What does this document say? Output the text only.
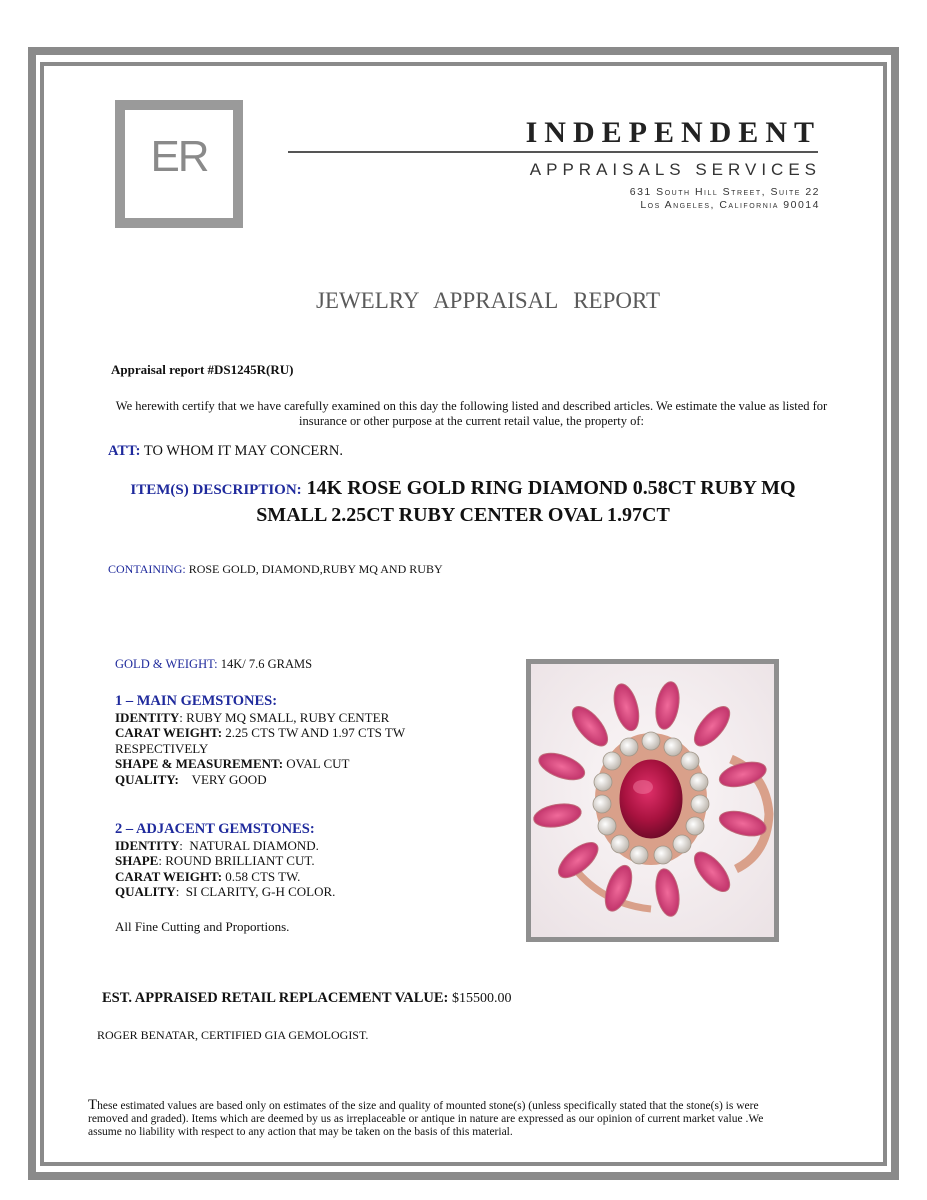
ER
Appraisal
INDEPENDENT
APPRAISALS SERVICES
631 South Hill Street, Suite 22
Los Angeles, California 90014
JEWELRY APPRAISAL REPORT
Appraisal report #DS1245R(RU)
We herewith certify that we have carefully examined on this day the following listed and described articles. We estimate the value as listed for insurance or other purpose at the current retail value, the property of:
ATT: TO WHOM IT MAY CONCERN.
ITEM(S) DESCRIPTION: 14K ROSE GOLD RING DIAMOND 0.58CT RUBY MQ
SMALL 2.25CT RUBY CENTER OVAL 1.97CT
CONTAINING: ROSE GOLD, DIAMOND,RUBY MQ AND RUBY
GOLD & WEIGHT: 14K/ 7.6 GRAMS
1 – MAIN GEMSTONES:
IDENTITY: RUBY MQ SMALL, RUBY CENTER
CARAT WEIGHT: 2.25 CTS TW AND 1.97 CTS TW RESPECTIVELY
SHAPE & MEASUREMENT: OVAL CUT
QUALITY:    VERY GOOD
2 – ADJACENT GEMSTONES:
IDENTITY:  NATURAL DIAMOND.
SHAPE: ROUND BRILLIANT CUT.
CARAT WEIGHT: 0.58 CTS TW.
QUALITY:  SI CLARITY, G-H COLOR.
All Fine Cutting and Proportions.
EST. APPRAISED RETAIL REPLACEMENT VALUE: $15500.00
ROGER BENATAR, CERTIFIED GIA GEMOLOGIST.
These estimated values are based only on estimates of the size and quality of mounted stone(s) (unless specifically stated that the stone(s) is were removed and graded). Items which are deemed by us as irreplaceable or antique in nature are expressed as our opinion of current market value .We assume no liability with respect to any action that may be taken on the basis of this material.
